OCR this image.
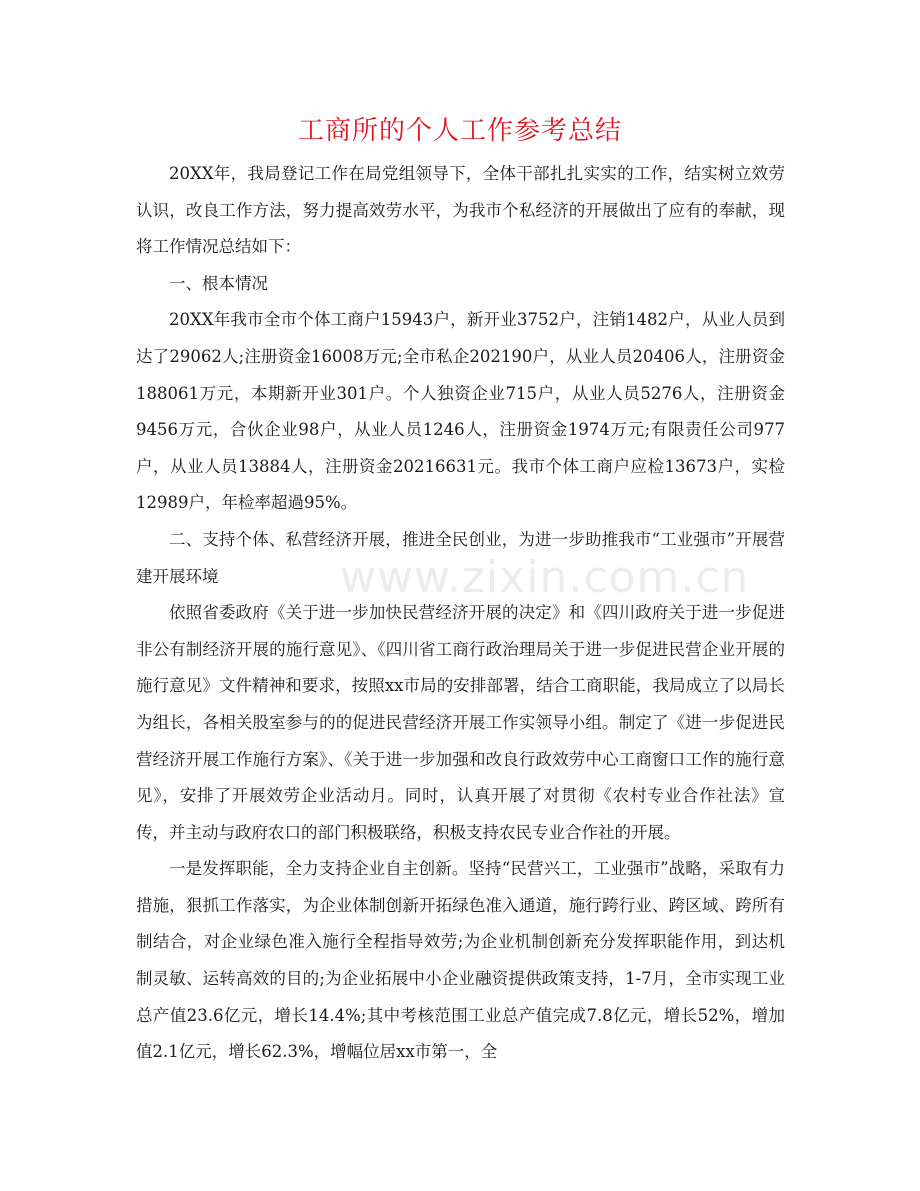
工商所的个人工作参考总结

20XX年，我局登记工作在局党组领导下，全体干部扎扎实实的工作，结实树立效劳认识，改良工作方法，努力提高效劳水平，为我市个私经济的开展做出了应有的奉献，现将工作情况总结如下：

一、根本情况

20XX年我市全市个体工商户15943户，新开业3752户，注销1482户，从业人员到达了29062人;注册资金16008万元;全市私企202190户，从业人员20406人，注册资金188061万元，本期新开业301户。个人独资企业715户，从业人员5276人，注册资金9456万元，合伙企业98户，从业人员1246人，注册资金1974万元;有限责任公司977户，从业人员13884人，注册资金20216631元。我市个体工商户应检13673户，实检12989户，年检率超過95%。

二、支持个体、私营经济开展，推进全民创业，为进一步助推我市“工业强市”开展营建开展环境

依照省委政府《关于进一步加快民营经济开展的决定》和《四川政府关于进一步促进非公有制经济开展的施行意见》、《四川省工商行政治理局关于进一步促进民营企业开展的施行意见》文件精神和要求，按照xx市局的安排部署，结合工商职能，我局成立了以局长为组长，各相关股室参与的的促进民营经济开展工作实领导小组。制定了《进一步促进民营经济开展工作施行方案》、《关于进一步加强和改良行政效劳中心工商窗口工作的施行意见》，安排了开展效劳企业活动月。同时，认真开展了对贯彻《农村专业合作社法》宣传，并主动与政府农口的部门积极联络，积极支持农民专业合作社的开展。

一是发挥职能，全力支持企业自主创新。坚持“民营兴工，工业强市”战略，采取有力措施，狠抓工作落实，为企业体制创新开拓绿色准入通道，施行跨行业、跨区域、跨所有制结合，对企业绿色准入施行全程指导效劳;为企业机制创新充分发挥职能作用，到达机制灵敏、运转高效的目的;为企业拓展中小企业融资提供政策支持，1-7月，全市实现工业总产值23.6亿元，增长14.4%;其中考核范围工业总产值完成7.8亿元，增长52%，增加值2.1亿元，增长62.3%，增幅位居xx市第一，全

www.zixin.com.cn
